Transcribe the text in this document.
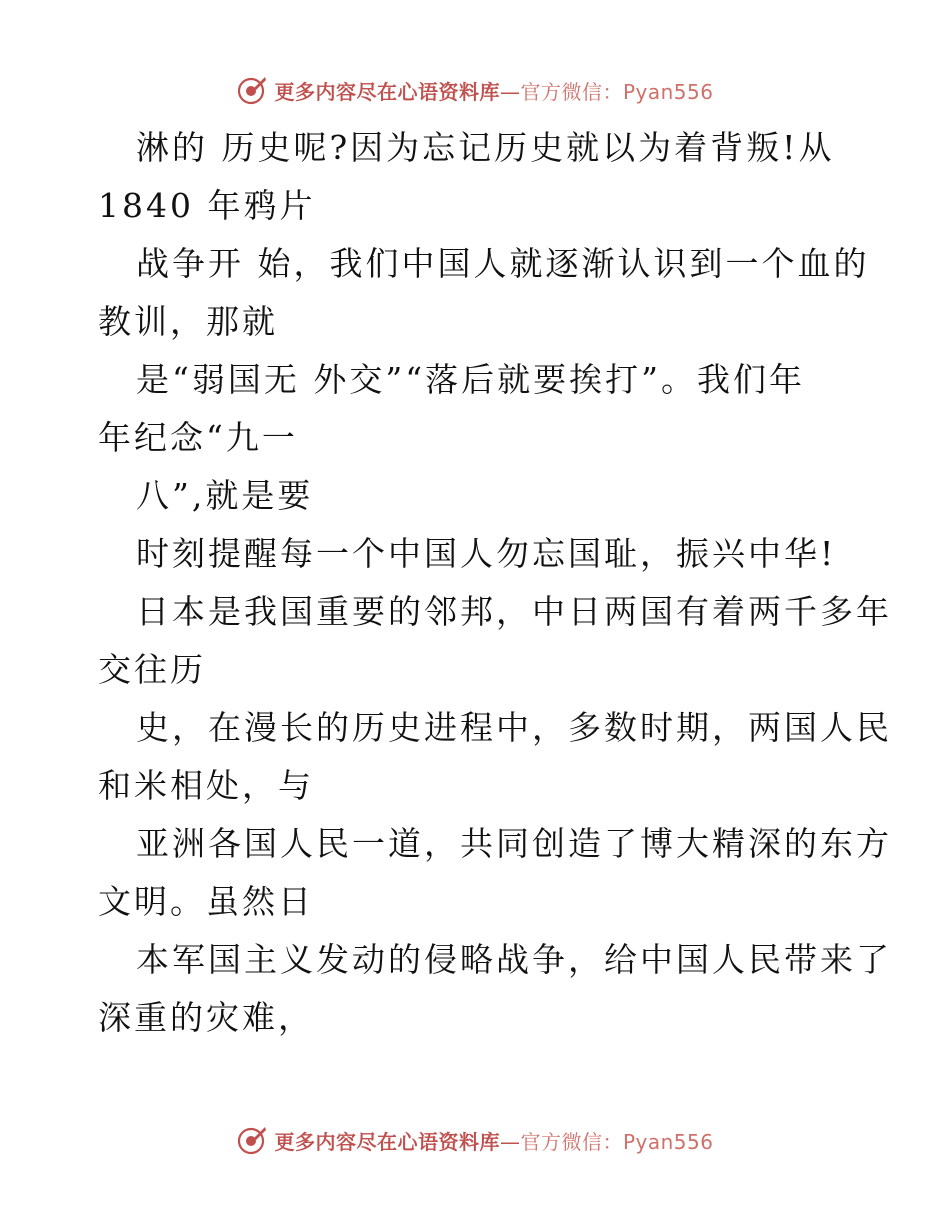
更多内容尽在心语资料库—官方微信：Pyan556
淋的 历史呢?因为忘记历史就以为着背叛!从
1840 年鸦片
战争开 始，我们中国人就逐渐认识到一个血的
教训，那就
是“弱国无 外交”“落后就要挨打”。我们年
年纪念“九一
八”,就是要
时刻提醒每一个中国人勿忘国耻，振兴中华!
日本是我国重要的邻邦，中日两国有着两千多年
交往历
史，在漫长的历史进程中，多数时期，两国人民
和米相处，与
亚洲各国人民一道，共同创造了博大精深的东方
文明。虽然日
本军国主义发动的侵略战争，给中国人民带来了
深重的灾难，
更多内容尽在心语资料库—官方微信：Pyan556
